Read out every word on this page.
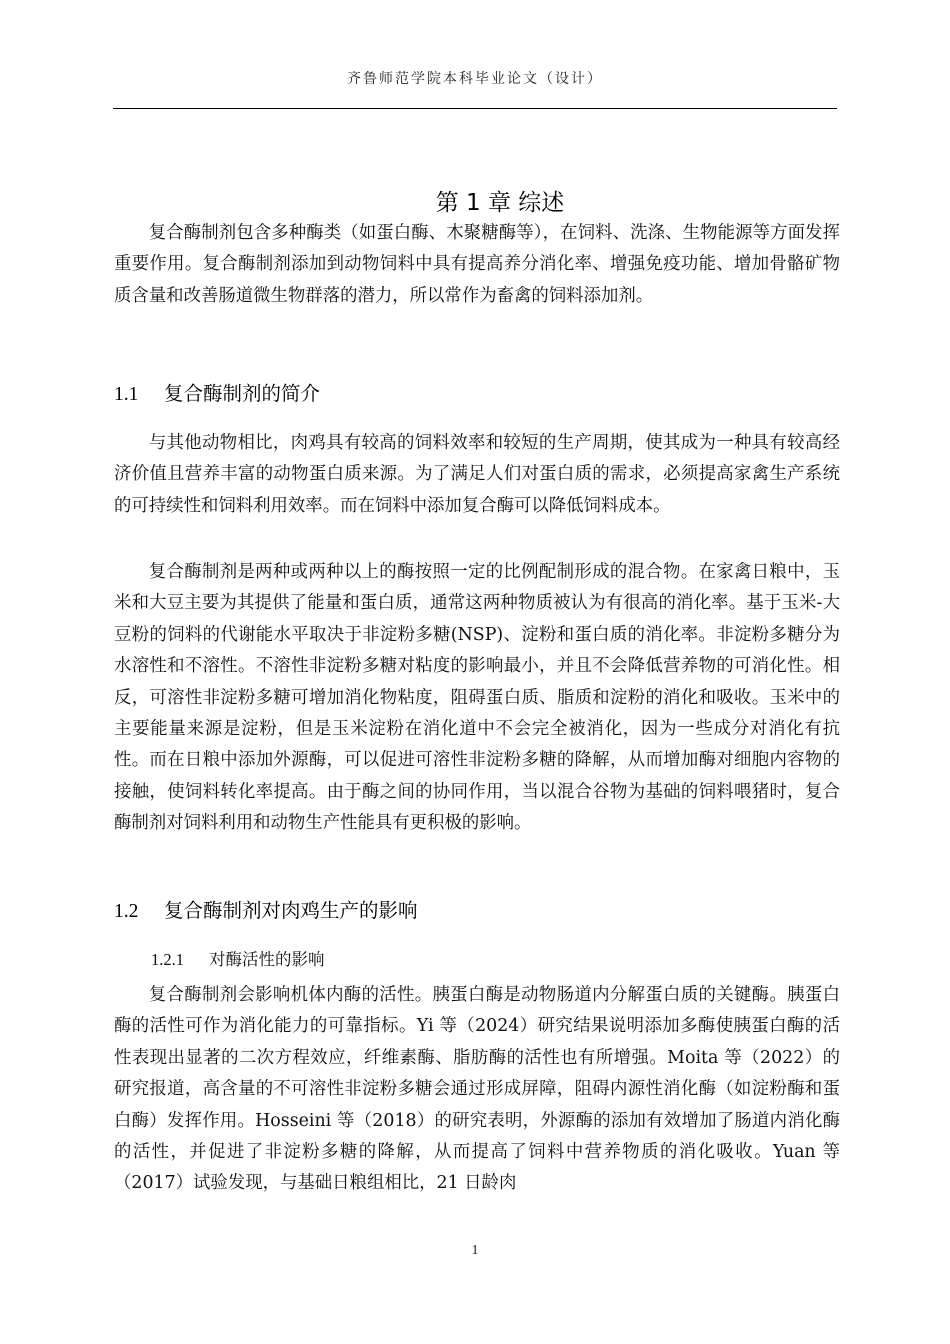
齐鲁师范学院本科毕业论文（设计）
第 1 章 综述

复合酶制剂包含多种酶类（如蛋白酶、木聚糖酶等），在饲料、洗涤、生物能源等方面发挥重要作用。复合酶制剂添加到动物饲料中具有提高养分消化率、增强免疫功能、增加骨骼矿物质含量和改善肠道微生物群落的潜力，所以常作为畜禽的饲料添加剂。

1.1 复合酶制剂的简介

与其他动物相比，肉鸡具有较高的饲料效率和较短的生产周期，使其成为一种具有较高经济价值且营养丰富的动物蛋白质来源。为了满足人们对蛋白质的需求，必须提高家禽生产系统的可持续性和饲料利用效率。而在饲料中添加复合酶可以降低饲料成本。

复合酶制剂是两种或两种以上的酶按照一定的比例配制形成的混合物。在家禽日粮中，玉米和大豆主要为其提供了能量和蛋白质，通常这两种物质被认为有很高的消化率。基于玉米-大豆粉的饲料的代谢能水平取决于非淀粉多糖(NSP)、淀粉和蛋白质的消化率。非淀粉多糖分为水溶性和不溶性。不溶性非淀粉多糖对粘度的影响最小，并且不会降低营养物的可消化性。相反，可溶性非淀粉多糖可增加消化物粘度，阻碍蛋白质、脂质和淀粉的消化和吸收。玉米中的主要能量来源是淀粉，但是玉米淀粉在消化道中不会完全被消化，因为一些成分对消化有抗性。而在日粮中添加外源酶，可以促进可溶性非淀粉多糖的降解，从而增加酶对细胞内容物的接触，使饲料转化率提高。由于酶之间的协同作用，当以混合谷物为基础的饲料喂猪时，复合酶制剂对饲料利用和动物生产性能具有更积极的影响。

1.2 复合酶制剂对肉鸡生产的影响
1.2.1 对酶活性的影响

复合酶制剂会影响机体内酶的活性。胰蛋白酶是动物肠道内分解蛋白质的关键酶。胰蛋白酶的活性可作为消化能力的可靠指标。Yi 等（2024）研究结果说明添加多酶使胰蛋白酶的活性表现出显著的二次方程效应，纤维素酶、脂肪酶的活性也有所增强。Moita 等（2022）的研究报道，高含量的不可溶性非淀粉多糖会通过形成屏障，阻碍内源性消化酶（如淀粉酶和蛋白酶）发挥作用。Hosseini 等（2018）的研究表明，外源酶的添加有效增加了肠道内消化酶的活性，并促进了非淀粉多糖的降解，从而提高了饲料中营养物质的消化吸收。Yuan 等（2017）试验发现，与基础日粮组相比，21 日龄肉

1
